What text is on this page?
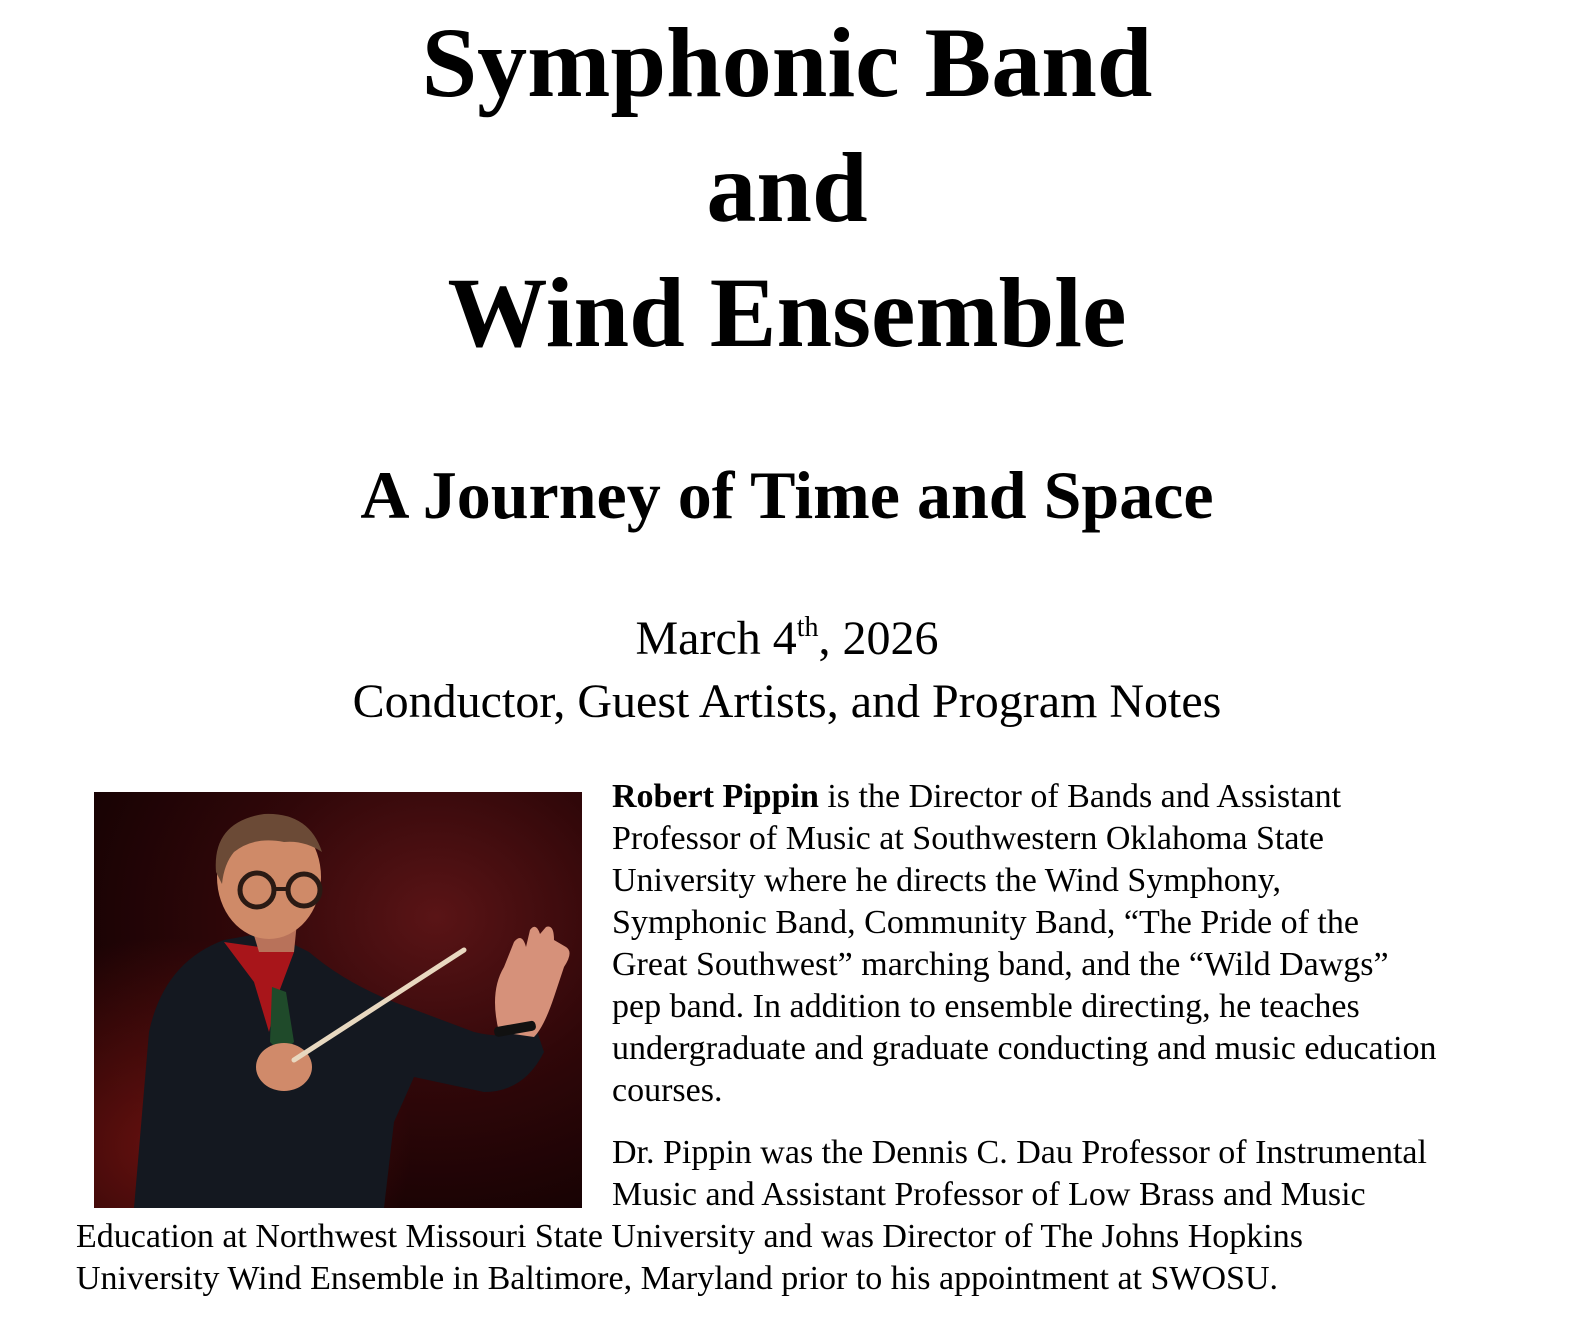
Symphonic Band
and
Wind Ensemble
A Journey of Time and Space
March 4th, 2026
Conductor, Guest Artists, and Program Notes
Robert Pippin is the Director of Bands and Assistant
Professor of Music at Southwestern Oklahoma State
University where he directs the Wind Symphony,
Symphonic Band, Community Band, “The Pride of the
Great Southwest” marching band, and the “Wild Dawgs”
pep band. In addition to ensemble directing, he teaches
undergraduate and graduate conducting and music education
courses.
Dr. Pippin was the Dennis C. Dau Professor of Instrumental
Music and Assistant Professor of Low Brass and Music
Education at Northwest Missouri State University and was Director of The Johns Hopkins
University Wind Ensemble in Baltimore, Maryland prior to his appointment at SWOSU.
